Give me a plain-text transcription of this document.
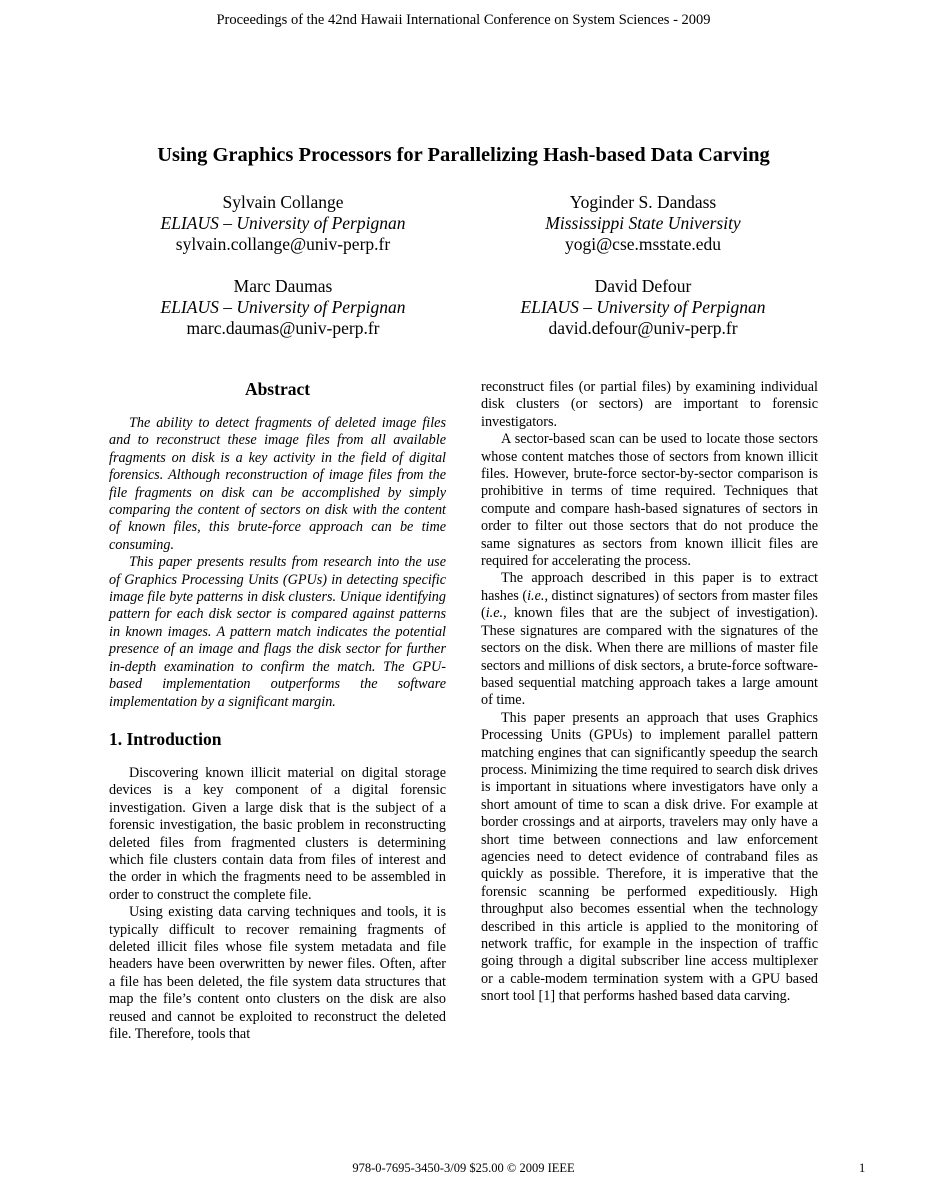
Proceedings of the 42nd Hawaii International Conference on System Sciences - 2009
Using Graphics Processors for Parallelizing Hash-based Data Carving
Sylvain Collange
ELIAUS – University of Perpignan
sylvain.collange@univ-perp.fr
Yoginder S. Dandass
Mississippi State University
yogi@cse.msstate.edu
Marc Daumas
ELIAUS – University of Perpignan
marc.daumas@univ-perp.fr
David Defour
ELIAUS – University of Perpignan
david.defour@univ-perp.fr
Abstract

The ability to detect fragments of deleted image files and to reconstruct these image files from all available fragments on disk is a key activity in the field of digital forensics. Although reconstruction of image files from the file fragments on disk can be accomplished by simply comparing the content of sectors on disk with the content of known files, this brute-force approach can be time consuming.

This paper presents results from research into the use of Graphics Processing Units (GPUs) in detecting specific image file byte patterns in disk clusters. Unique identifying pattern for each disk sector is compared against patterns in known images. A pattern match indicates the potential presence of an image and flags the disk sector for further in-depth examination to confirm the match. The GPU-based implementation outperforms the software implementation by a significant margin.

1. Introduction

Discovering known illicit material on digital storage devices is a key component of a digital forensic investigation. Given a large disk that is the subject of a forensic investigation, the basic problem in reconstructing deleted files from fragmented clusters is determining which file clusters contain data from files of interest and the order in which the fragments need to be assembled in order to construct the complete file.

Using existing data carving techniques and tools, it is typically difficult to recover remaining fragments of deleted illicit files whose file system metadata and file headers have been overwritten by newer files. Often, after a file has been deleted, the file system data structures that map the file’s content onto clusters on the disk are also reused and cannot be exploited to reconstruct the deleted file. Therefore, tools that

reconstruct files (or partial files) by examining individual disk clusters (or sectors) are important to forensic investigators.

A sector-based scan can be used to locate those sectors whose content matches those of sectors from known illicit files. However, brute-force sector-by-sector comparison is prohibitive in terms of time required. Techniques that compute and compare hash-based signatures of sectors in order to filter out those sectors that do not produce the same signatures as sectors from known illicit files are required for accelerating the process.

The approach described in this paper is to extract hashes (i.e., distinct signatures) of sectors from master files (i.e., known files that are the subject of investigation). These signatures are compared with the signatures of the sectors on the disk. When there are millions of master file sectors and millions of disk sectors, a brute-force software-based sequential matching approach takes a large amount of time.

This paper presents an approach that uses Graphics Processing Units (GPUs) to implement parallel pattern matching engines that can significantly speedup the search process. Minimizing the time required to search disk drives is important in situations where investigators have only a short amount of time to scan a disk drive. For example at border crossings and at airports, travelers may only have a short time between connections and law enforcement agencies need to detect evidence of contraband files as quickly as possible. Therefore, it is imperative that the forensic scanning be performed expeditiously. High throughput also becomes essential when the technology described in this article is applied to the monitoring of network traffic, for example in the inspection of traffic going through a digital subscriber line access multiplexer or a cable-modem termination system with a GPU based snort tool [1] that performs hashed based data carving.

978-0-7695-3450-3/09 $25.00 © 2009 IEEE	1
